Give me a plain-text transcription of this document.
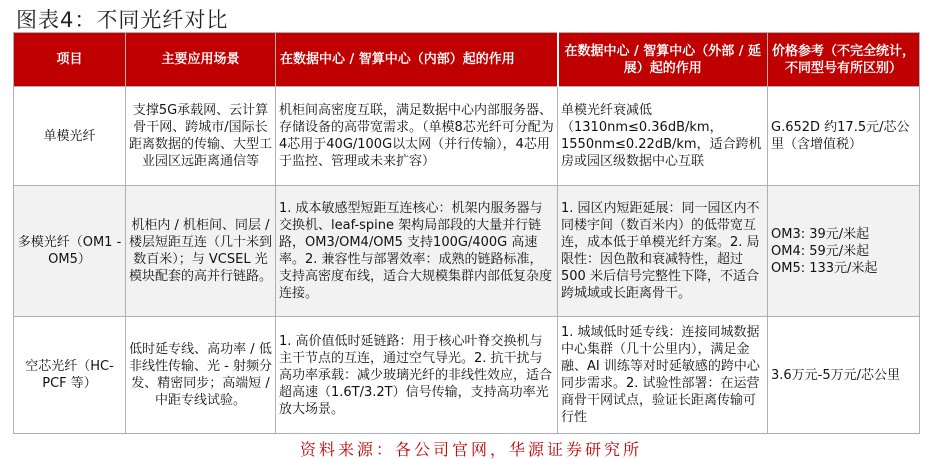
图表4：不同光纤对比
项目	主要应用场景	在数据中心 / 智算中心（内部）起的作用	在数据中心 / 智算中心（外部 / 延展）起的作用	价格参考（不完全统计，不同型号有所区别）
单模光纤	支撑5G承载网、云计算骨干网、跨城市/国际长距离数据的传输、大型工业园区远距离通信等	机柜间高密度互联，满足数据中心内部服务器、存储设备的高带宽需求。（单模8芯光纤可分配为4芯用于40G/100G以太网（并行传输），4芯用于监控、管理或未来扩容）	单模光纤衰减低（1310nm≤0.36dB/km，1550nm≤0.22dB/km，适合跨机房或园区级数据中心互联	G.652D 约17.5元/芯公里（含增值税）
多模光纤（OM1 - OM5）	机柜内 / 机柜间、同层 / 楼层短距互连（几十米到数百米）；与 VCSEL 光模块配套的高并行链路。	1. 成本敏感型短距互连核心：机架内服务器与交换机、leaf-spine 架构局部段的大量并行链路，OM3/OM4/OM5 支持100G/400G 高速率。2. 兼容性与部署效率：成熟的链路标准，支持高密度布线，适合大规模集群内部低复杂度连接。	1. 园区内短距延展：同一园区内不同楼宇间（数百米内）的低带宽互连，成本低于单模光纤方案。2. 局限性：因色散和衰减特性，超过 500 米后信号完整性下降，不适合跨城域或长距离骨干。	OM3: 39元/米起
OM4: 59元/米起
OM5: 133元/米起

空芯光纤（HC-PCF 等）	低时延专线、高功率 / 低非线性传输、光 - 射频分发、精密同步；高端短 / 中距专线试验。	1. 高价值低时延链路：用于核心叶脊交换机与主干节点的互连，通过空气导光。2. 抗干扰与高功率承载：减少玻璃光纤的非线性效应，适合超高速（1.6T/3.2T）信号传输，支持高功率光放大场景。	1. 城域低时延专线：连接同城数据中心集群（几十公里内），满足金融、AI 训练等对时延敏感的跨中心同步需求。2. 试验性部署：在运营商骨干网试点，验证长距离传输可行性	3.6万元-5万元/芯公里
资料来源：各公司官网，华源证券研究所
